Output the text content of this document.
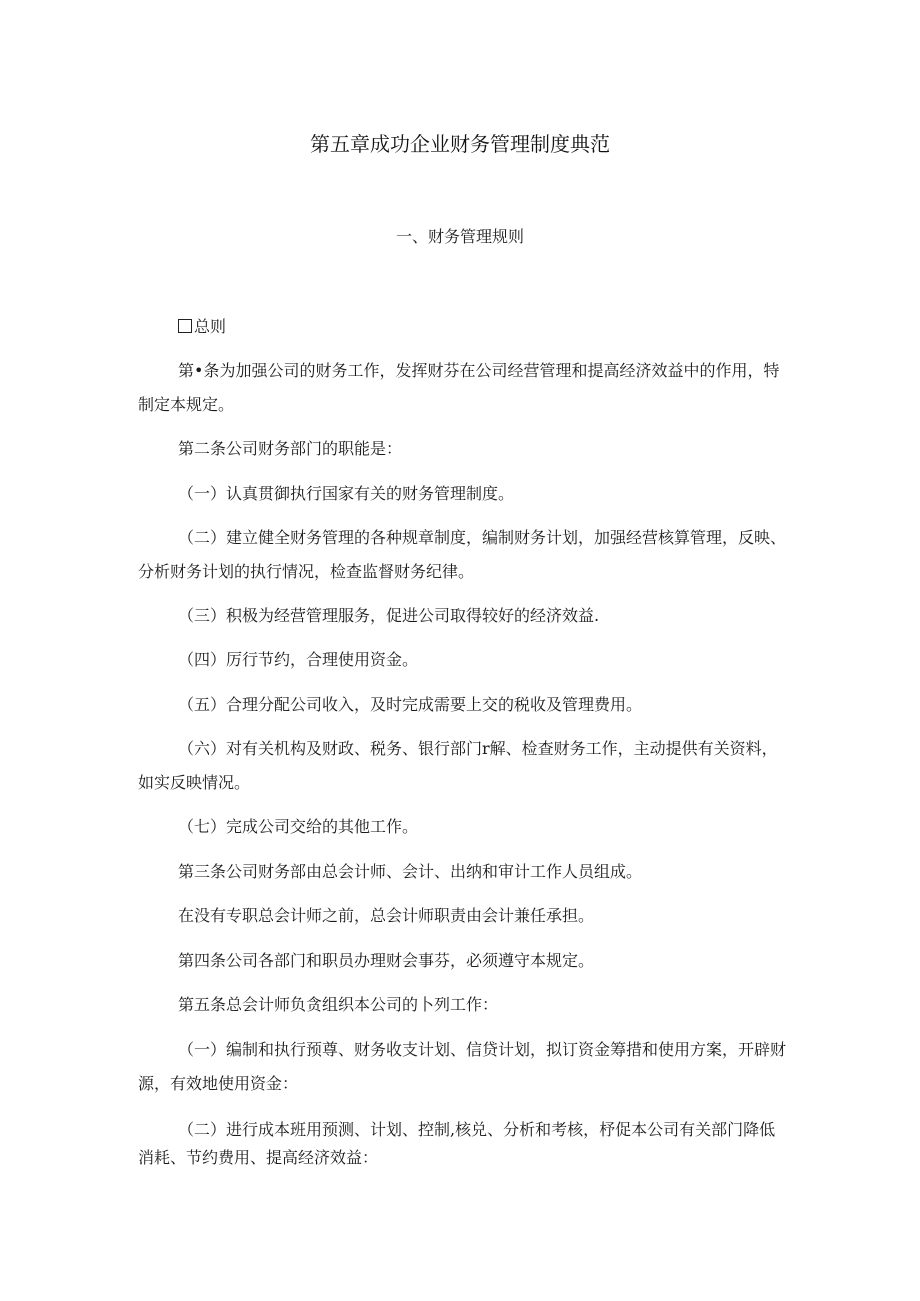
第五章成功企业财务管理制度典范
一、财务管理规则
总则
第•条为加强公司的财务工作，发挥财芬在公司经营管理和提高经济效益中的作用，特制定本规定。
第二条公司财务部门的职能是：
（一）认真贯御执行国家有关的财务管理制度。
（二）建立健全财务管理的各种规章制度，编制财务计划，加强经营核算管理，反映、分析财务计划的执行情况，检查监督财务纪律。
（三）积极为经营管理服务，促进公司取得较好的经济效益.
（四）厉行节约，合理使用资金。
（五）合理分配公司收入，及时完成需要上交的税收及管理费用。
（六）对有关机构及财政、税务、银行部门r解、检查财务工作，主动提供有关资料，如实反映情况。
（七）完成公司交给的其他工作。
第三条公司财务部由总会计师、会计、出纳和审计工作人员组成。
在没有专职总会计师之前，总会计师职责由会计兼任承担。
第四条公司各部门和职员办理财会事芬，必须遵守本规定。
第五条总会计师负贪组织本公司的卜列工作：
（一）编制和执行预尊、财务收支计划、信贷计划，拟订资金筹措和使用方案，开辟财源，有效地使用资金：
（二）进行成本班用预测、计划、控制,核兑、分析和考核，杼促本公司有关部门降低消耗、节约费用、提高经济效益：
